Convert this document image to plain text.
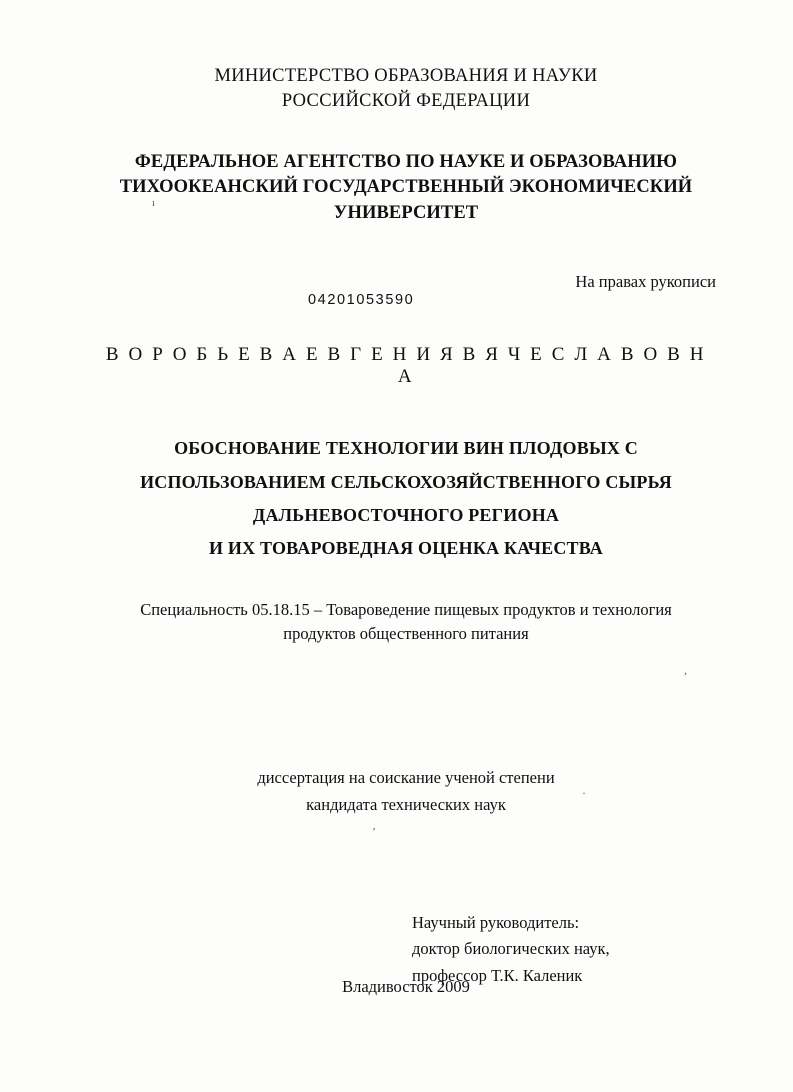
МИНИСТЕРСТВО ОБРАЗОВАНИЯ И НАУКИ
РОССИЙСКОЙ ФЕДЕРАЦИИ
ФЕДЕРАЛЬНОЕ АГЕНТСТВО ПО НАУКЕ И ОБРАЗОВАНИЮ
ТИХООКЕАНСКИЙ ГОСУДАРСТВЕННЫЙ ЭКОНОМИЧЕСКИЙ
УНИВЕРСИТЕТ
На правах рукописи
04201053590
В О Р О Б Ь Е В А Е В Г Е Н И Я В Я Ч Е С Л А В О В Н А
ОБОСНОВАНИЕ ТЕХНОЛОГИИ ВИН ПЛОДОВЫХ С
ИСПОЛЬЗОВАНИЕМ СЕЛЬСКОХОЗЯЙСТВЕННОГО СЫРЬЯ
ДАЛЬНЕВОСТОЧНОГО РЕГИОНА
И ИХ ТОВАРОВЕДНАЯ ОЦЕНКА КАЧЕСТВА
Специальность 05.18.15 – Товароведение пищевых продуктов и технология
продуктов общественного питания
диссертация на соискание ученой степени
кандидата технических наук
Научный руководитель:
доктор биологических наук,
профессор Т.К. Каленик
Владивосток 2009
ı
ʼ
·
ʼ
